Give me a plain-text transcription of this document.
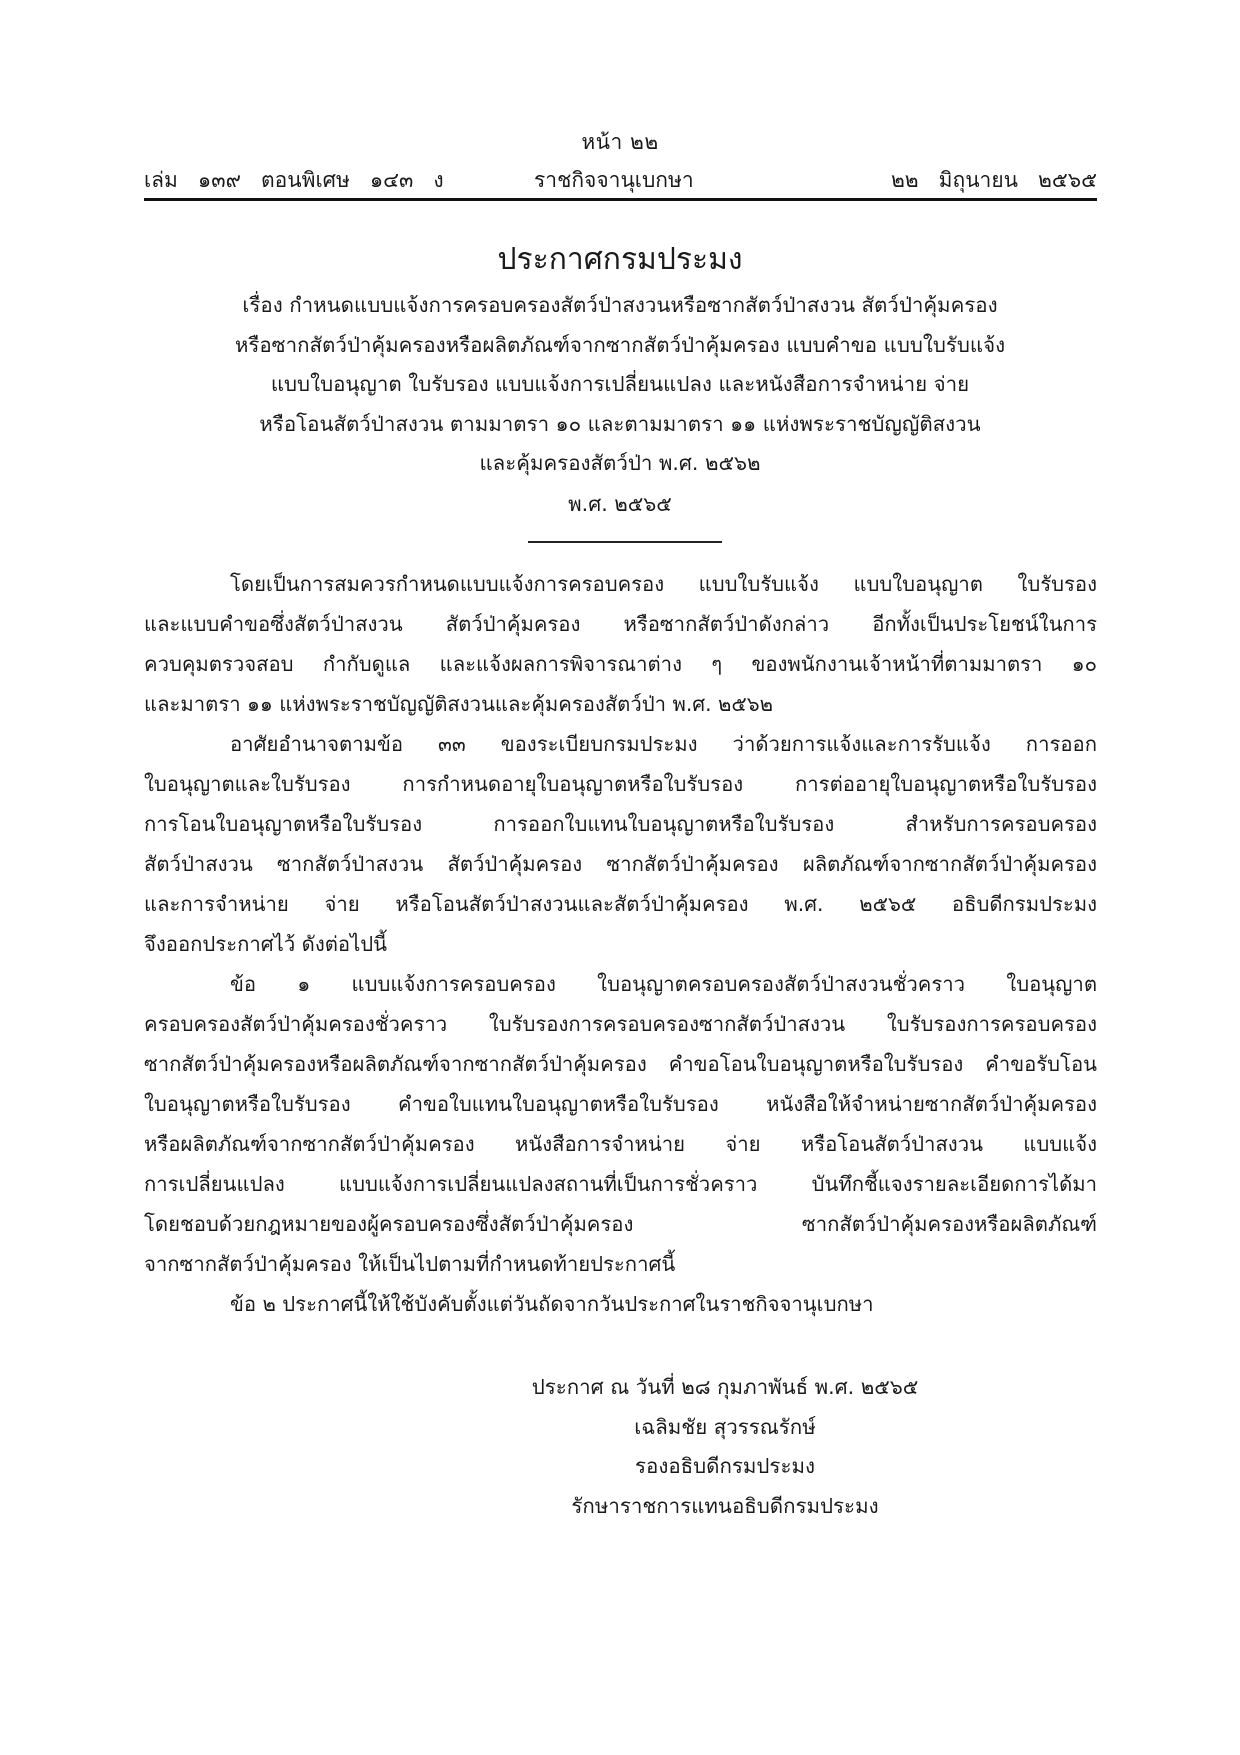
หน้า ๒๒
เล่ม   ๑๓๙   ตอนพิเศษ   ๑๔๓   ง	ราชกิจจานุเบกษา	๒๒   มิถุนายน   ๒๕๖๕
ประกาศกรมประมง
เรื่อง กำหนดแบบแจ้งการครอบครองสัตว์ป่าสงวนหรือซากสัตว์ป่าสงวน สัตว์ป่าคุ้มครอง
หรือซากสัตว์ป่าคุ้มครองหรือผลิตภัณฑ์จากซากสัตว์ป่าคุ้มครอง แบบคำขอ แบบใบรับแจ้ง
แบบใบอนุญาต ใบรับรอง แบบแจ้งการเปลี่ยนแปลง และหนังสือการจำหน่าย จ่าย
หรือโอนสัตว์ป่าสงวน ตามมาตรา ๑๐ และตามมาตรา ๑๑ แห่งพระราชบัญญัติสงวน
และคุ้มครองสัตว์ป่า พ.ศ. ๒๕๖๒
พ.ศ. ๒๕๖๕
โดยเป็นการสมควรกำหนดแบบแจ้งการครอบครอง แบบใบรับแจ้ง แบบใบอนุญาต ใบรับรอง
และแบบคำขอซึ่งสัตว์ป่าสงวน สัตว์ป่าคุ้มครอง หรือซากสัตว์ป่าดังกล่าว อีกทั้งเป็นประโยชน์ในการ
ควบคุมตรวจสอบ กำกับดูแล และแจ้งผลการพิจารณาต่าง ๆ ของพนักงานเจ้าหน้าที่ตามมาตรา ๑๐
และมาตรา ๑๑ แห่งพระราชบัญญัติสงวนและคุ้มครองสัตว์ป่า พ.ศ. ๒๕๖๒
อาศัยอำนาจตามข้อ ๓๓ ของระเบียบกรมประมง ว่าด้วยการแจ้งและการรับแจ้ง การออก
ใบอนุญาตและใบรับรอง การกำหนดอายุใบอนุญาตหรือใบรับรอง การต่ออายุใบอนุญาตหรือใบรับรอง
การโอนใบอนุญาตหรือใบรับรอง การออกใบแทนใบอนุญาตหรือใบรับรอง สำหรับการครอบครอง
สัตว์ป่าสงวน ซากสัตว์ป่าสงวน สัตว์ป่าคุ้มครอง ซากสัตว์ป่าคุ้มครอง ผลิตภัณฑ์จากซากสัตว์ป่าคุ้มครอง
และการจำหน่าย จ่าย หรือโอนสัตว์ป่าสงวนและสัตว์ป่าคุ้มครอง พ.ศ. ๒๕๖๕ อธิบดีกรมประมง
จึงออกประกาศไว้ ดังต่อไปนี้
ข้อ ๑ แบบแจ้งการครอบครอง ใบอนุญาตครอบครองสัตว์ป่าสงวนชั่วคราว ใบอนุญาต
ครอบครองสัตว์ป่าคุ้มครองชั่วคราว ใบรับรองการครอบครองซากสัตว์ป่าสงวน ใบรับรองการครอบครอง
ซากสัตว์ป่าคุ้มครองหรือผลิตภัณฑ์จากซากสัตว์ป่าคุ้มครอง คำขอโอนใบอนุญาตหรือใบรับรอง คำขอรับโอน
ใบอนุญาตหรือใบรับรอง คำขอใบแทนใบอนุญาตหรือใบรับรอง หนังสือให้จำหน่ายซากสัตว์ป่าคุ้มครอง
หรือผลิตภัณฑ์จากซากสัตว์ป่าคุ้มครอง หนังสือการจำหน่าย จ่าย หรือโอนสัตว์ป่าสงวน แบบแจ้ง
การเปลี่ยนแปลง แบบแจ้งการเปลี่ยนแปลงสถานที่เป็นการชั่วคราว บันทึกชี้แจงรายละเอียดการได้มา
โดยชอบด้วยกฎหมายของผู้ครอบครองซึ่งสัตว์ป่าคุ้มครอง ซากสัตว์ป่าคุ้มครองหรือผลิตภัณฑ์
จากซากสัตว์ป่าคุ้มครอง ให้เป็นไปตามที่กำหนดท้ายประกาศนี้
ข้อ ๒ ประกาศนี้ให้ใช้บังคับตั้งแต่วันถัดจากวันประกาศในราชกิจจานุเบกษา
ประกาศ ณ วันที่ ๒๘ กุมภาพันธ์ พ.ศ. ๒๕๖๕
เฉลิมชัย สุวรรณรักษ์
รองอธิบดีกรมประมง
รักษาราชการแทนอธิบดีกรมประมง
